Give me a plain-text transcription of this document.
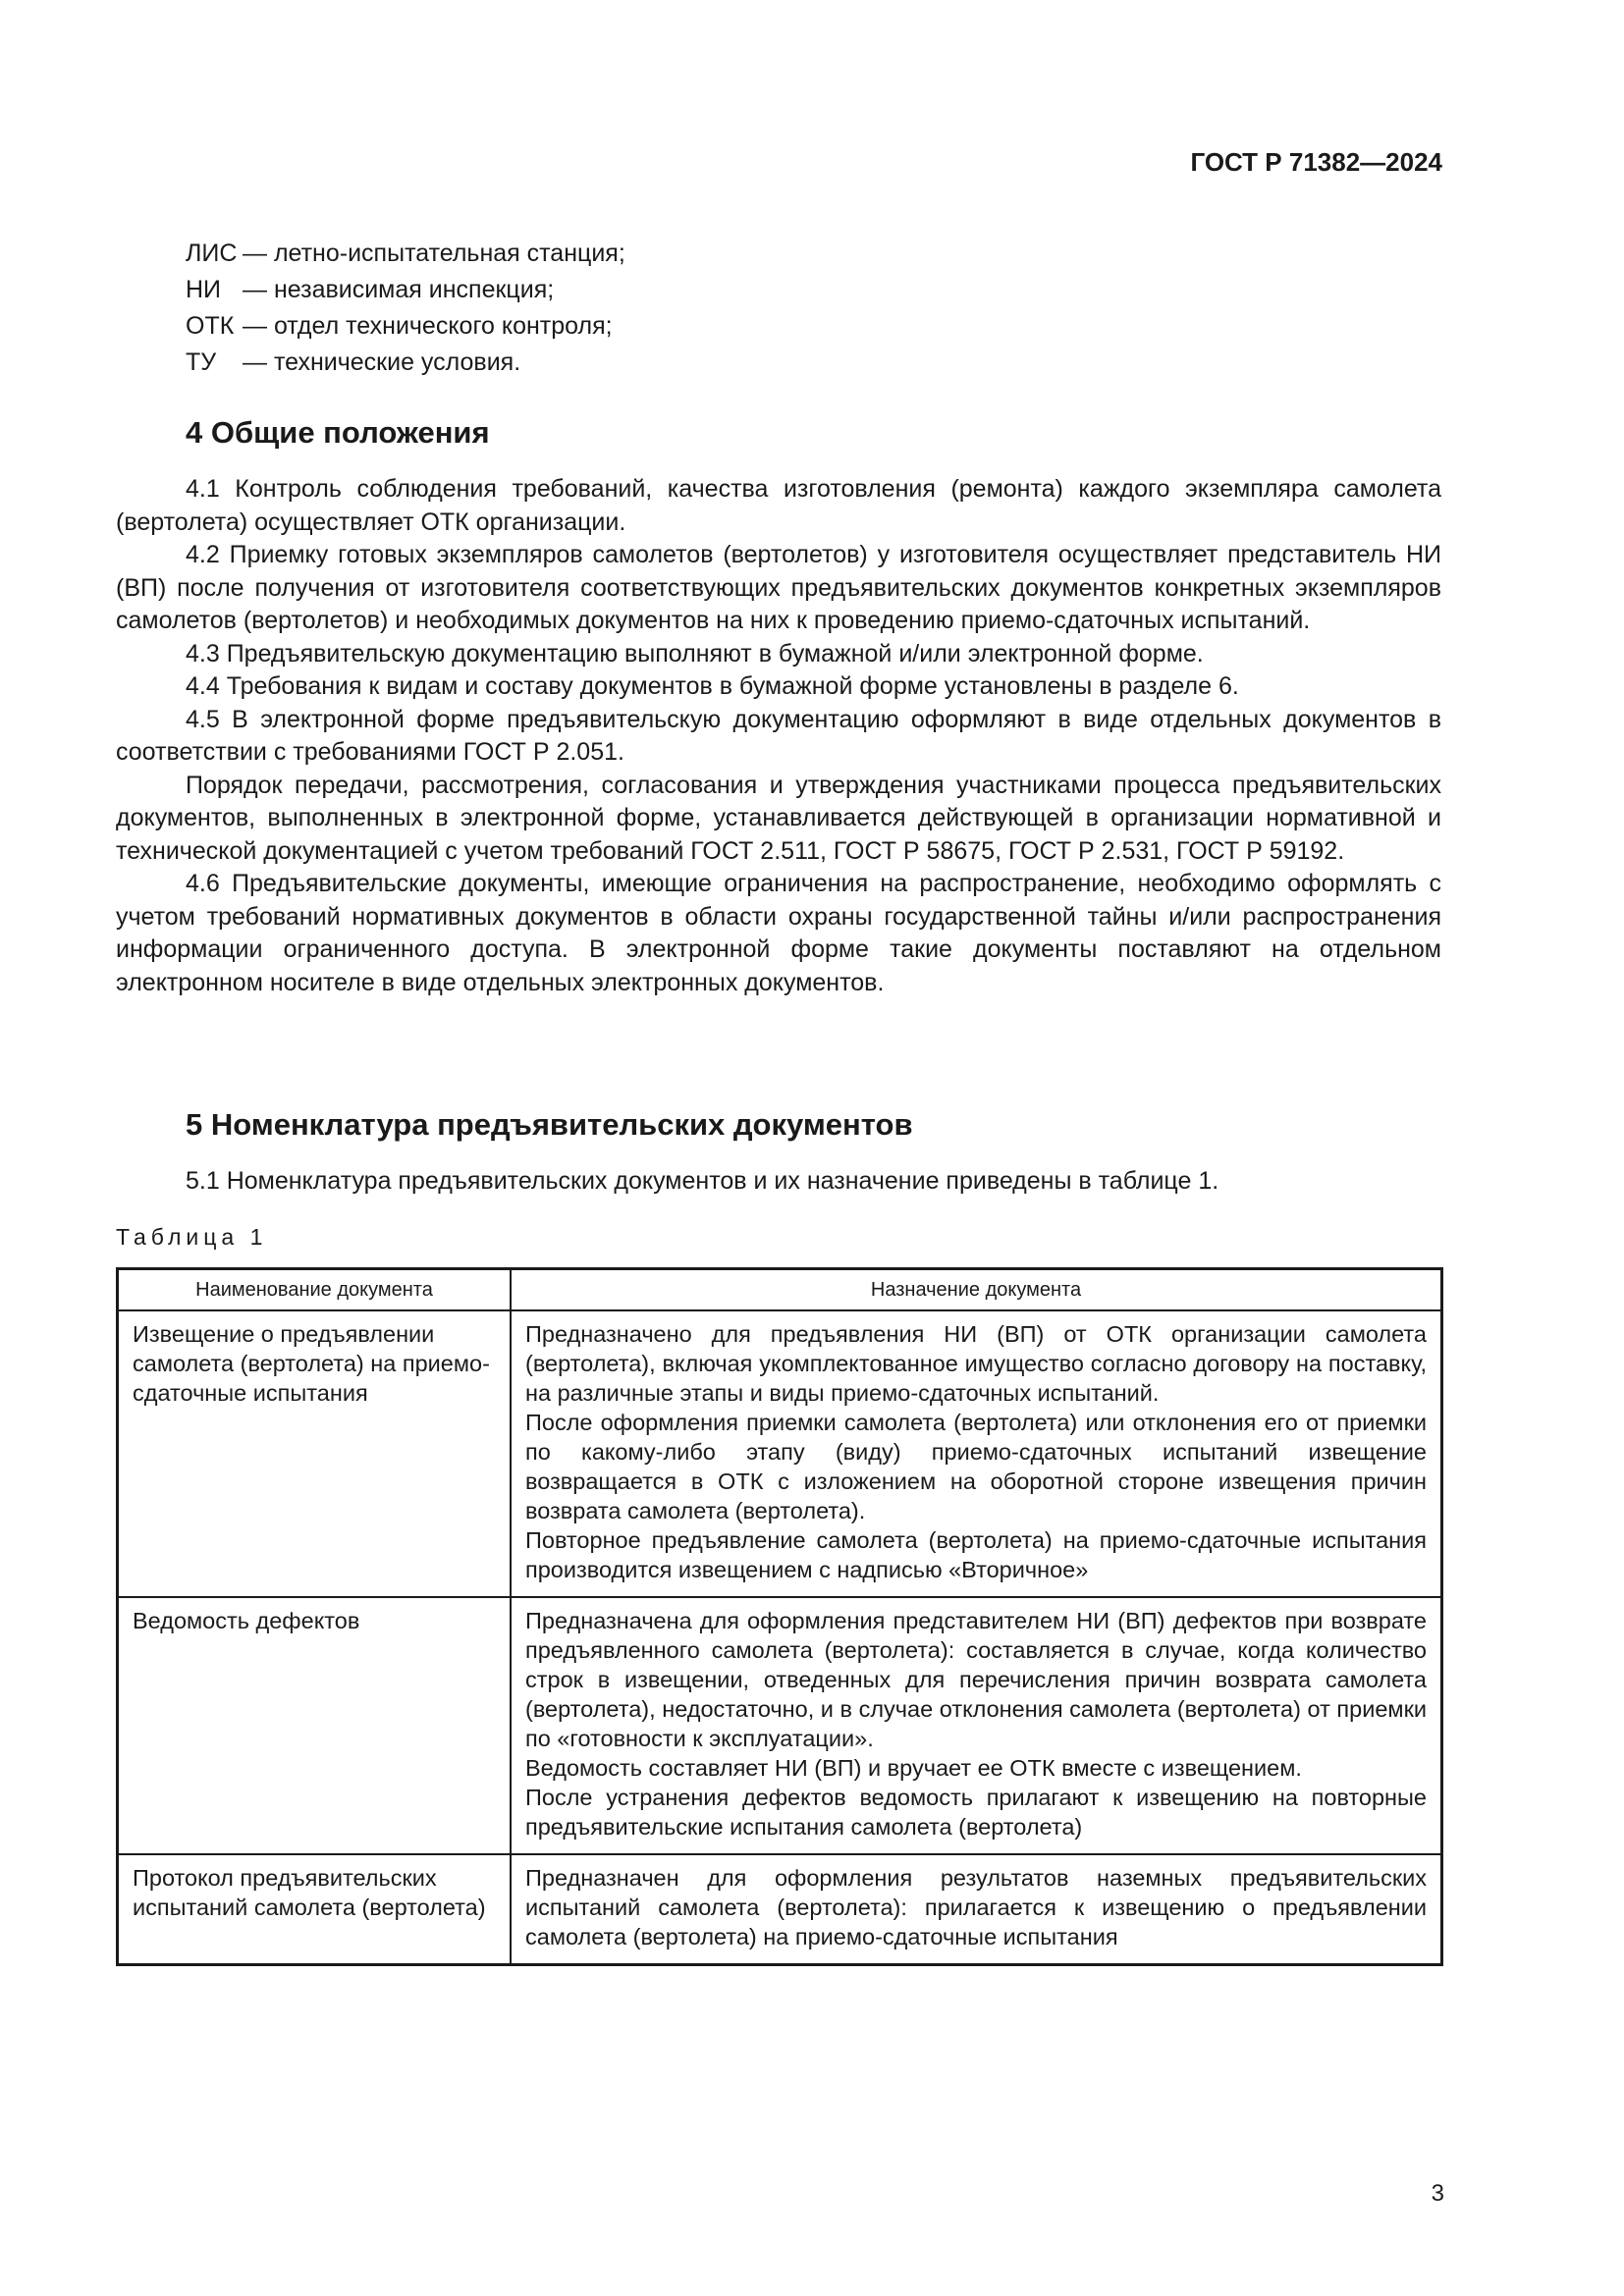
ГОСТ Р 71382—2024
ЛИС — летно-испытательная станция;
НИ — независимая инспекция;
ОТК — отдел технического контроля;
ТУ	— технические условия.
4 Общие положения

4.1 Контроль соблюдения требований, качества изготовления (ремонта) каждого экземпляра самолета (вертолета) осуществляет ОТК организации.

4.2 Приемку готовых экземпляров самолетов (вертолетов) у изготовителя осуществляет представитель НИ (ВП) после получения от изготовителя соответствующих предъявительских документов конкретных экземпляров самолетов (вертолетов) и необходимых документов на них к проведению приемо-сдаточных испытаний.

4.3 Предъявительскую документацию выполняют в бумажной и/или электронной форме.

4.4 Требования к видам и составу документов в бумажной форме установлены в разделе 6.

4.5 В электронной форме предъявительскую документацию оформляют в виде отдельных документов в соответствии с требованиями ГОСТ Р 2.051.

Порядок передачи, рассмотрения, согласования и утверждения участниками процесса предъявительских документов, выполненных в электронной форме, устанавливается действующей в организации нормативной и технической документацией с учетом требований ГОСТ 2.511, ГОСТ Р 58675, ГОСТ Р 2.531, ГОСТ Р 59192.

4.6 Предъявительские документы, имеющие ограничения на распространение, необходимо оформлять с учетом требований нормативных документов в области охраны государственной тайны и/или распространения информации ограниченного доступа. В электронной форме такие документы поставляют на отдельном электронном носителе в виде отдельных электронных документов.

5 Номенклатура предъявительских документов

5.1 Номенклатура предъявительских документов и их назначение приведены в таблице 1.

Таблица 1
Наименование документа	Назначение документа

Извещение о предъявлении самолета (вертолета) на приемо-сдаточные испытания	Предназначено для предъявления НИ (ВП) от ОТК организации самолета (вертолета), включая укомплектованное имущество согласно договору на поставку, на различные этапы и виды приемо-сдаточных испытаний.

После оформления приемки самолета (вертолета) или отклонения его от приемки по какому-либо этапу (виду) приемо-сдаточных испытаний извещение возвращается в ОТК с изложением на оборотной стороне извещения причин возврата самолета (вертолета).

Повторное предъявление самолета (вертолета) на приемо-сдаточные испытания производится извещением с надписью «Вторичное»

Ведомость дефектов	Предназначена для оформления представителем НИ (ВП) дефектов при возврате предъявленного самолета (вертолета): составляется в случае, когда количество строк в извещении, отведенных для перечисления причин возврата самолета (вертолета), недостаточно, и в случае отклонения самолета (вертолета) от приемки по «готовности к эксплуатации».

Ведомость составляет НИ (ВП) и вручает ее ОТК вместе с извещением.

После устранения дефектов ведомость прилагают к извещению на повторные предъявительские испытания самолета (вертолета)

Протокол предъявительских испытаний самолета (вертолета)	Предназначен для оформления результатов наземных предъявительских испытаний самолета (вертолета): прилагается к извещению о предъявлении самолета (вертолета) на приемо-сдаточные испытания

3
